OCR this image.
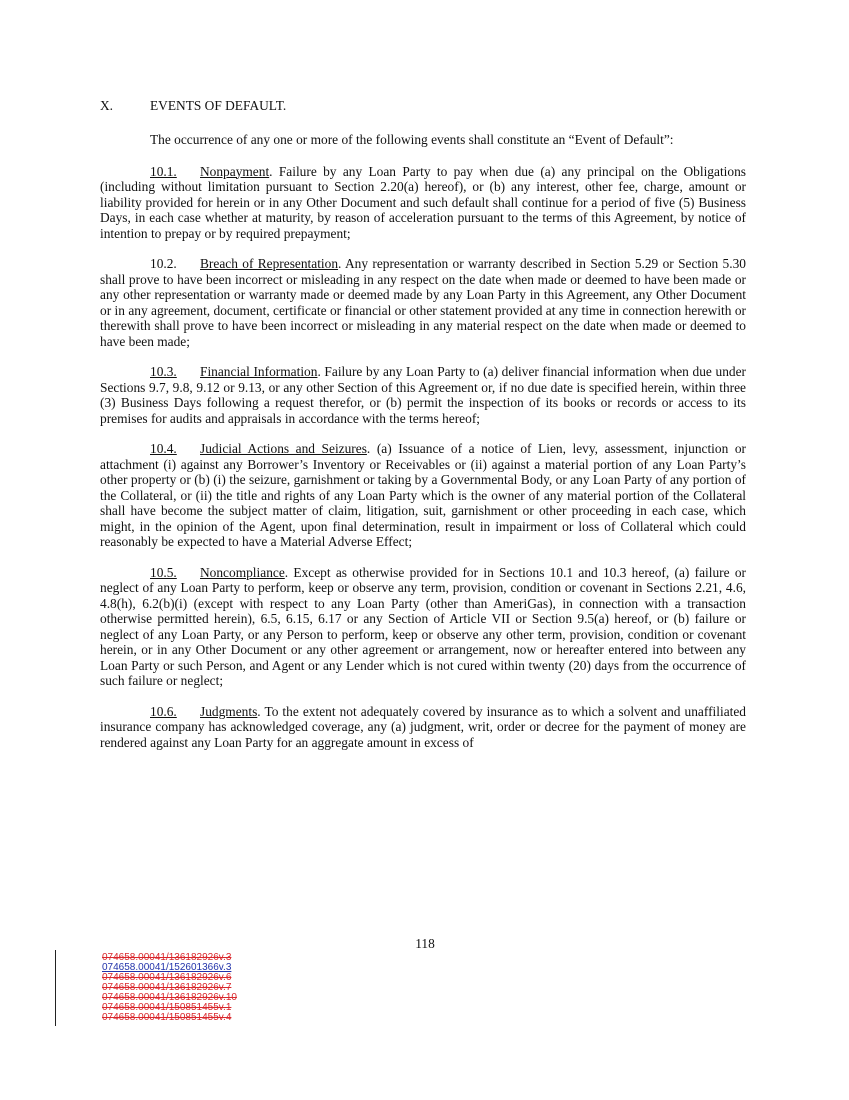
X.	EVENTS OF DEFAULT.

The occurrence of any one or more of the following events shall constitute an “Event of Default”:

10.1. Nonpayment. Failure by any Loan Party to pay when due (a) any principal on the Obligations (including without limitation pursuant to Section 2.20(a) hereof), or (b) any interest, other fee, charge, amount or liability provided for herein or in any Other Document and such default shall continue for a period of five (5) Business Days, in each case whether at maturity, by reason of acceleration pursuant to the terms of this Agreement, by notice of intention to prepay or by required prepayment;

10.2. Breach of Representation. Any representation or warranty described in Section 5.29 or Section 5.30 shall prove to have been incorrect or misleading in any respect on the date when made or deemed to have been made or any other representation or warranty made or deemed made by any Loan Party in this Agreement, any Other Document or in any agreement, document, certificate or financial or other statement provided at any time in connection herewith or therewith shall prove to have been incorrect or misleading in any material respect on the date when made or deemed to have been made;

10.3. Financial Information. Failure by any Loan Party to (a) deliver financial information when due under Sections 9.7, 9.8, 9.12 or 9.13, or any other Section of this Agreement or, if no due date is specified herein, within three (3) Business Days following a request therefor, or (b) permit the inspection of its books or records or access to its premises for audits and appraisals in accordance with the terms hereof;

10.4. Judicial Actions and Seizures. (a) Issuance of a notice of Lien, levy, assessment, injunction or attachment (i) against any Borrower’s Inventory or Receivables or (ii) against a material portion of any Loan Party’s other property or (b) (i) the seizure, garnishment or taking by a Governmental Body, or any Loan Party of any portion of the Collateral, or (ii) the title and rights of any Loan Party which is the owner of any material portion of the Collateral shall have become the subject matter of claim, litigation, suit, garnishment or other proceeding in each case, which might, in the opinion of the Agent, upon final determination, result in impairment or loss of Collateral which could reasonably be expected to have a Material Adverse Effect;

10.5. Noncompliance. Except as otherwise provided for in Sections 10.1 and 10.3 hereof, (a) failure or neglect of any Loan Party to perform, keep or observe any term, provision, condition or covenant in Sections 2.21, 4.6, 4.8(h), 6.2(b)(i) (except with respect to any Loan Party (other than AmeriGas), in connection with a transaction otherwise permitted herein), 6.5, 6.15, 6.17 or any Section of Article VII or Section 9.5(a) hereof, or (b) failure or neglect of any Loan Party, or any Person to perform, keep or observe any other term, provision, condition or covenant herein, or in any Other Document or any other agreement or arrangement, now or hereafter entered into between any Loan Party or such Person, and Agent or any Lender which is not cured within twenty (20) days from the occurrence of such failure or neglect;

10.6. Judgments. To the extent not adequately covered by insurance as to which a solvent and unaffiliated insurance company has acknowledged coverage, any (a) judgment, writ, order or decree for the payment of money are rendered against any Loan Party for an aggregate amount in excess of

118
074658.00041/136182926v.3
074658.00041/152601366v.3
074658.00041/136182926v.6
074658.00041/136182926v.7
074658.00041/136182926v.10
074658.00041/150851455v.1
074658.00041/150851455v.4
